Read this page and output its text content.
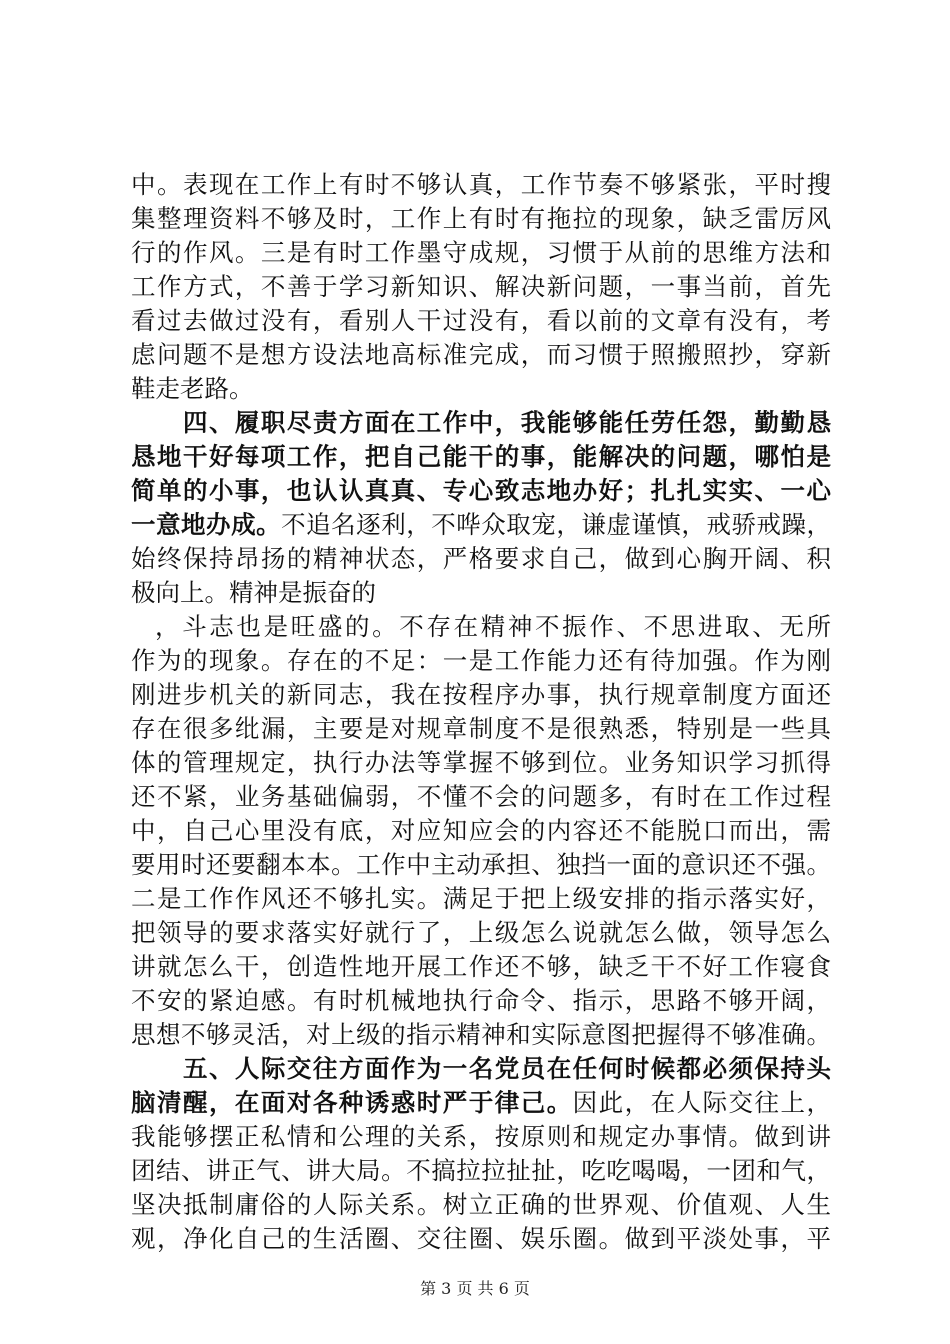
中。表现在工作上有时不够认真，工作节奏不够紧张，平时搜
集整理资料不够及时，工作上有时有拖拉的现象，缺乏雷厉风
行的作风。三是有时工作墨守成规，习惯于从前的思维方法和
工作方式，不善于学习新知识、解决新问题，一事当前，首先
看过去做过没有，看别人干过没有，看以前的文章有没有，考
虑问题不是想方设法地高标准完成，而习惯于照搬照抄，穿新
鞋走老路。
　　四、履职尽责方面在工作中，我能够能任劳任怨，勤勤恳
恳地干好每项工作，把自己能干的事，能解决的问题，哪怕是
简单的小事，也认认真真、专心致志地办好；扎扎实实、一心
一意地办成。不追名逐利，不哗众取宠，谦虚谨慎，戒骄戒躁，
始终保持昂扬的精神状态，严格要求自己，做到心胸开阔、积
极向上。精神是振奋的
，斗志也是旺盛的。不存在精神不振作、不思进取、无所
作为的现象。存在的不足：一是工作能力还有待加强。作为刚
刚进步机关的新同志，我在按程序办事，执行规章制度方面还
存在很多纰漏，主要是对规章制度不是很熟悉，特别是一些具
体的管理规定，执行办法等掌握不够到位。业务知识学习抓得
还不紧，业务基础偏弱，不懂不会的问题多，有时在工作过程
中，自己心里没有底，对应知应会的内容还不能脱口而出，需
要用时还要翻本本。工作中主动承担、独挡一面的意识还不强。
二是工作作风还不够扎实。满足于把上级安排的指示落实好，
把领导的要求落实好就行了，上级怎么说就怎么做，领导怎么
讲就怎么干，创造性地开展工作还不够，缺乏干不好工作寝食
不安的紧迫感。有时机械地执行命令、指示，思路不够开阔，
思想不够灵活，对上级的指示精神和实际意图把握得不够准确。
　　五、人际交往方面作为一名党员在任何时候都必须保持头
脑清醒，在面对各种诱惑时严于律己。因此，在人际交往上，
我能够摆正私情和公理的关系，按原则和规定办事情。做到讲
团结、讲正气、讲大局。不搞拉拉扯扯，吃吃喝喝，一团和气，
坚决抵制庸俗的人际关系。树立正确的世界观、价值观、人生
观，净化自己的生活圈、交往圈、娱乐圈。做到平淡处事，平
第 3 页 共 6 页
